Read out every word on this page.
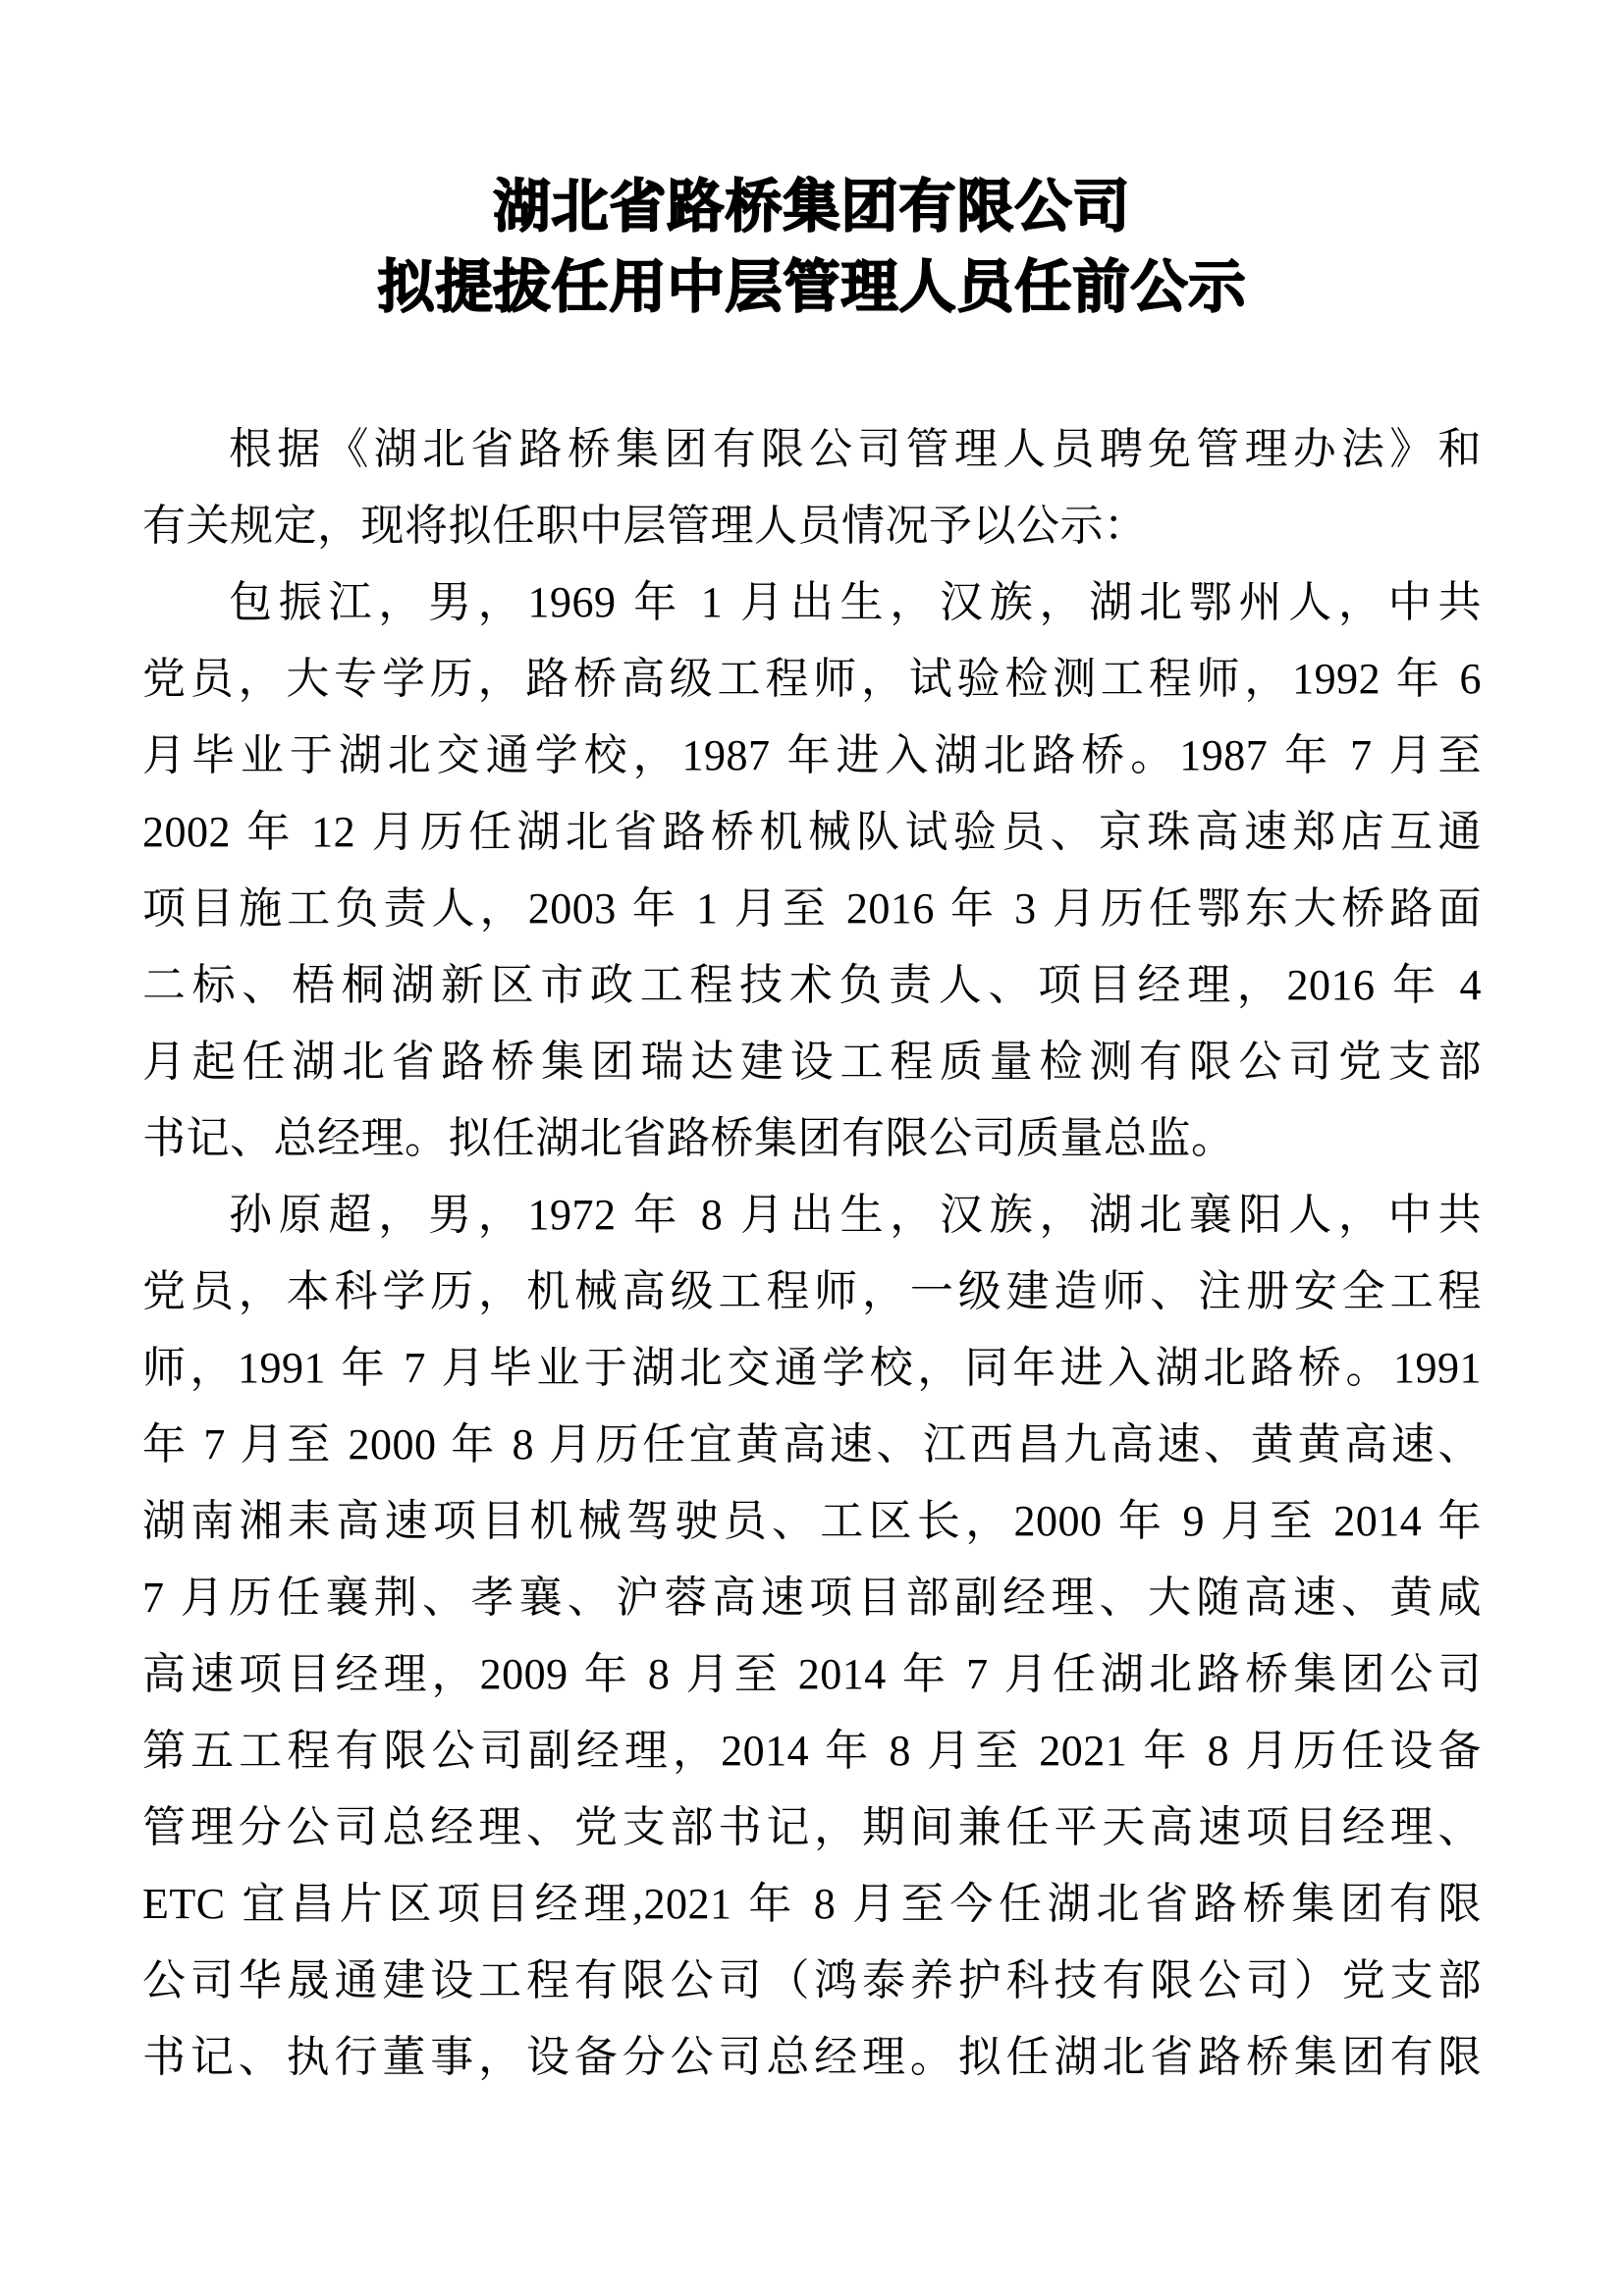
湖北省路桥集团有限公司
拟提拔任用中层管理人员任前公示
根据《湖北省路桥集团有限公司管理人员聘免管理办法》和
有关规定，现将拟任职中层管理人员情况予以公示：
包振江，男，1969 年 1 月出生，汉族，湖北鄂州人，中共
党员，大专学历，路桥高级工程师，试验检测工程师，1992 年 6
月毕业于湖北交通学校，1987 年进入湖北路桥。1987 年 7 月至
2002 年 12 月历任湖北省路桥机械队试验员、京珠高速郑店互通
项目施工负责人，2003 年 1 月至 2016 年 3 月历任鄂东大桥路面
二标、梧桐湖新区市政工程技术负责人、项目经理，2016 年 4
月起任湖北省路桥集团瑞达建设工程质量检测有限公司党支部
书记、总经理。拟任湖北省路桥集团有限公司质量总监。
孙原超，男，1972 年 8 月出生，汉族，湖北襄阳人，中共
党员，本科学历，机械高级工程师，一级建造师、注册安全工程
师，1991 年 7 月毕业于湖北交通学校，同年进入湖北路桥。1991
年 7 月至 2000 年 8 月历任宜黄高速、江西昌九高速、黄黄高速、
湖南湘耒高速项目机械驾驶员、工区长，2000 年 9 月至 2014 年
7 月历任襄荆、孝襄、沪蓉高速项目部副经理、大随高速、黄咸
高速项目经理，2009 年 8 月至 2014 年 7 月任湖北路桥集团公司
第五工程有限公司副经理，2014 年 8 月至 2021 年 8 月历任设备
管理分公司总经理、党支部书记，期间兼任平天高速项目经理、
ETC 宜昌片区项目经理,2021 年 8 月至今任湖北省路桥集团有限
公司华晟通建设工程有限公司（鸿泰养护科技有限公司）党支部
书记、执行董事，设备分公司总经理。拟任湖北省路桥集团有限
